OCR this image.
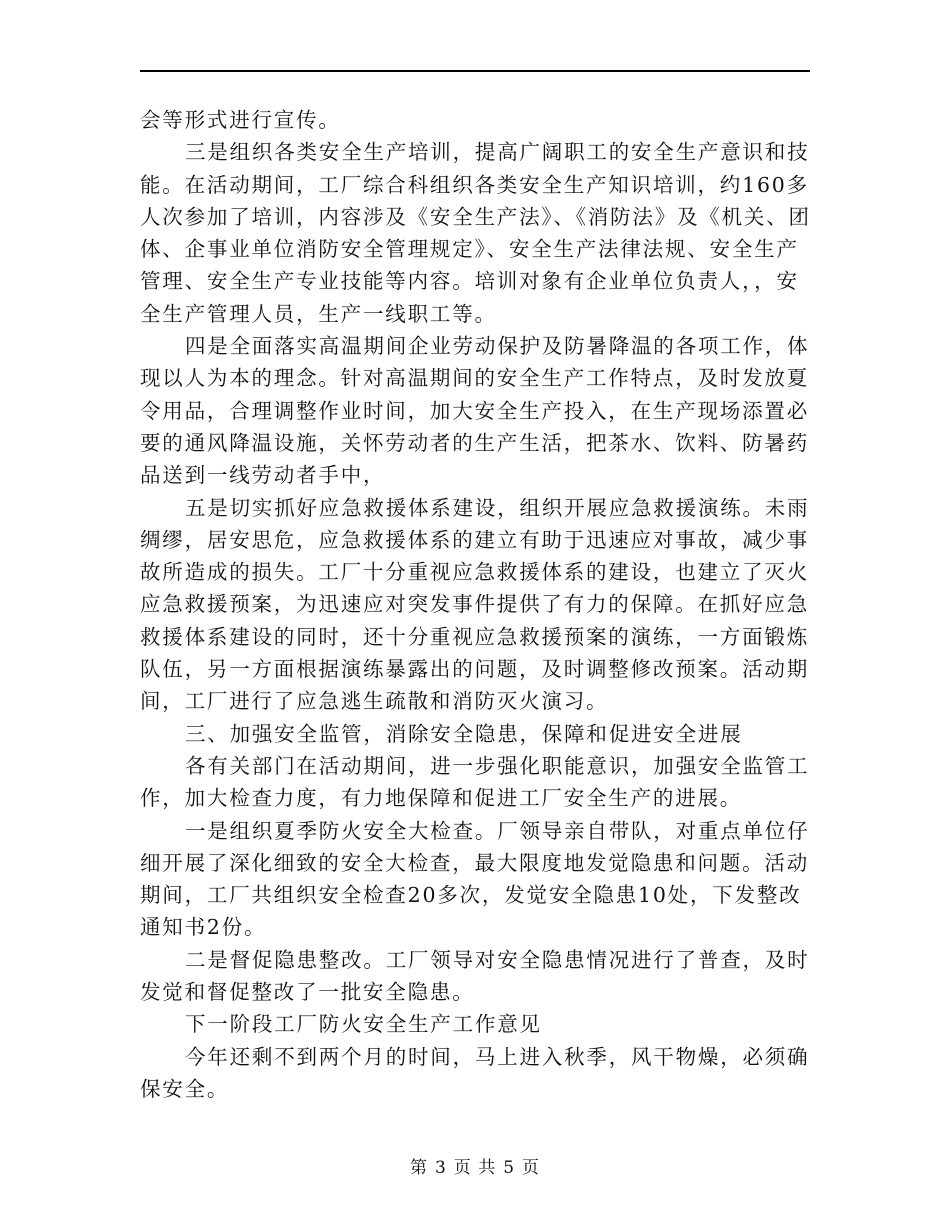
会等形式进行宣传。

三是组织各类安全生产培训，提高广阔职工的安全生产意识和技能。在活动期间，工厂综合科组织各类安全生产知识培训，约160多人次参加了培训，内容涉及《安全生产法》、《消防法》及《机关、团体、企事业单位消防安全管理规定》、安全生产法律法规、安全生产管理、安全生产专业技能等内容。培训对象有企业单位负责人，，安全生产管理人员，生产一线职工等。

四是全面落实高温期间企业劳动保护及防暑降温的各项工作，体现以人为本的理念。针对高温期间的安全生产工作特点，及时发放夏令用品，合理调整作业时间，加大安全生产投入，在生产现场添置必要的通风降温设施，关怀劳动者的生产生活，把茶水、饮料、防暑药品送到一线劳动者手中，

五是切实抓好应急救援体系建设，组织开展应急救援演练。未雨绸缪，居安思危，应急救援体系的建立有助于迅速应对事故，减少事故所造成的损失。工厂十分重视应急救援体系的建设，也建立了灭火应急救援预案，为迅速应对突发事件提供了有力的保障。在抓好应急救援体系建设的同时，还十分重视应急救援预案的演练，一方面锻炼队伍，另一方面根据演练暴露出的问题，及时调整修改预案。活动期间，工厂进行了应急逃生疏散和消防灭火演习。

三、加强安全监管，消除安全隐患，保障和促进安全进展

各有关部门在活动期间，进一步强化职能意识，加强安全监管工作，加大检查力度，有力地保障和促进工厂安全生产的进展。

一是组织夏季防火安全大检查。厂领导亲自带队，对重点单位仔细开展了深化细致的安全大检查，最大限度地发觉隐患和问题。活动期间，工厂共组织安全检查20多次，发觉安全隐患10处，下发整改通知书2份。

二是督促隐患整改。工厂领导对安全隐患情况进行了普查，及时发觉和督促整改了一批安全隐患。

下一阶段工厂防火安全生产工作意见

今年还剩不到两个月的时间，马上进入秋季，风干物燥，必须确保安全。

第 3 页 共 5 页
